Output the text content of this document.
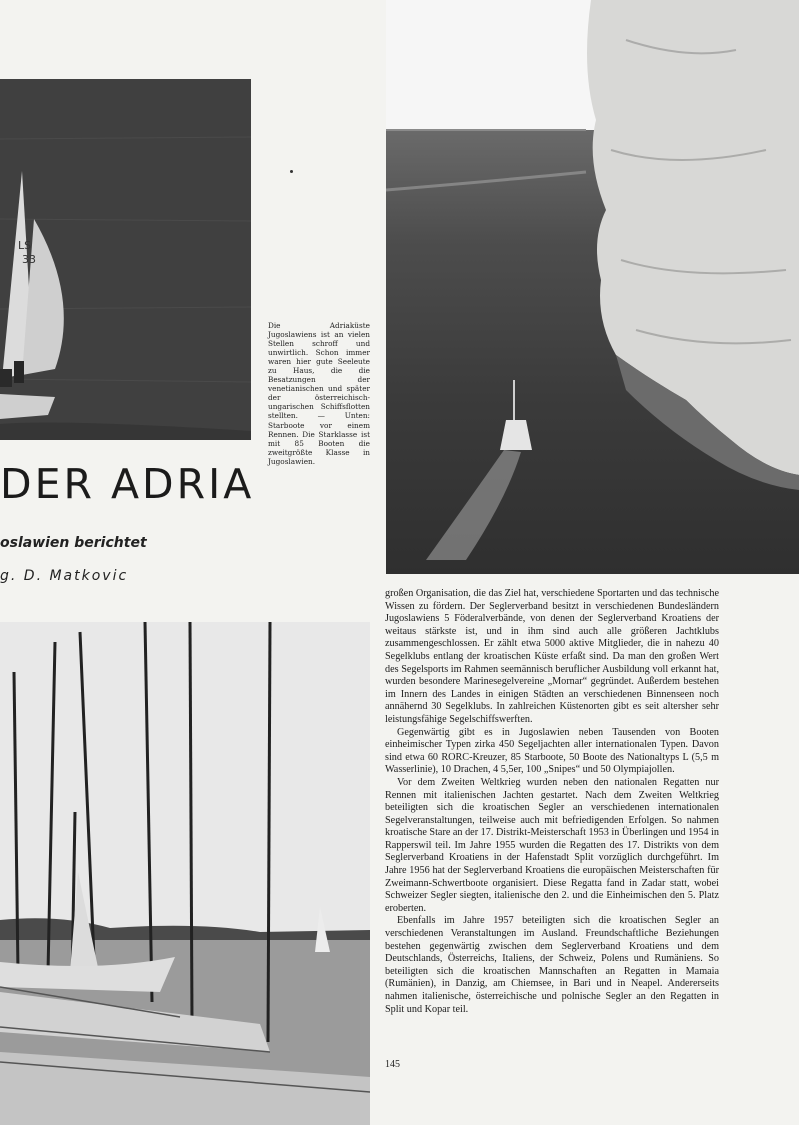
LS
33
Die Adriaküste Jugoslawiens ist an vielen Stellen schroff und unwirtlich. Schon immer waren hier gute Seeleute zu Haus, die die Besatzungen der venetianischen und später der österreichisch-ungarischen Schiffsflotten stellten. — Unten: Starboote vor einem Rennen. Die Starklasse ist mit 85 Booten die zweitgrößte Klasse in Jugoslawien.
DER ADRIA
oslawien berichtet
g. D. Matkovic

großen Organisation, die das Ziel hat, verschiedene Sportarten und das technische Wissen zu fördern. Der Seglerverband besitzt in verschiedenen Bundesländern Jugoslawiens 5 Föderalverbände, von denen der Seglerverband Kroatiens der weitaus stärkste ist, und in ihm sind auch alle größeren Jachtklubs zusammengeschlossen. Er zählt etwa 5000 aktive Mitglieder, die in nahezu 40 Segelklubs entlang der kroatischen Küste erfaßt sind. Da man den großen Wert des Segelsports im Rahmen seemännisch beruflicher Ausbildung voll erkannt hat, wurden besondere Marinesegelvereine „Mornar“ gegründet. Außerdem bestehen im Innern des Landes in einigen Städten an verschiedenen Binnenseen noch annähernd 30 Segelklubs. In zahlreichen Küstenorten gibt es seit altersher sehr leistungsfähige Segelschiffswerften.

Gegenwärtig gibt es in Jugoslawien neben Tausenden von Booten einheimischer Typen zirka 450 Segeljachten aller internationalen Typen. Davon sind etwa 60 RORC-Kreuzer, 85 Starboote, 50 Boote des Nationaltyps L (5,5 m Wasserlinie), 10 Drachen, 4 5,5er, 100 „Snipes“ und 50 Olympiajollen.

Vor dem Zweiten Weltkrieg wurden neben den nationalen Regatten nur Rennen mit italienischen Jachten gestartet. Nach dem Zweiten Weltkrieg beteiligten sich die kroatischen Segler an verschiedenen internationalen Segelveranstaltungen, teilweise auch mit befriedigenden Erfolgen. So nahmen kroatische Stare an der 17. Distrikt-Meisterschaft 1953 in Überlingen und 1954 in Rapperswil teil. Im Jahre 1955 wurden die Regatten des 17. Distrikts von dem Seglerverband Kroatiens in der Hafenstadt Split vorzüglich durchgeführt. Im Jahre 1956 hat der Seglerverband Kroatiens die europäischen Meisterschaften für Zweimann-Schwertboote organisiert. Diese Regatta fand in Zadar statt, wobei Schweizer Segler siegten, italienische den 2. und die Einheimischen den 5. Platz eroberten.

Ebenfalls im Jahre 1957 beteiligten sich die kroatischen Segler an verschiedenen Veranstaltungen im Ausland. Freundschaftliche Beziehungen bestehen gegenwärtig zwischen dem Seglerverband Kroatiens und dem Deutschlands, Österreichs, Italiens, der Schweiz, Polens und Rumäniens. So beteiligten sich die kroatischen Mannschaften an Regatten in Mamaia (Rumänien), in Danzig, am Chiemsee, in Bari und in Neapel. Andererseits nahmen italienische, österreichische und polnische Segler an den Regatten in Split und Kopar teil.

145
